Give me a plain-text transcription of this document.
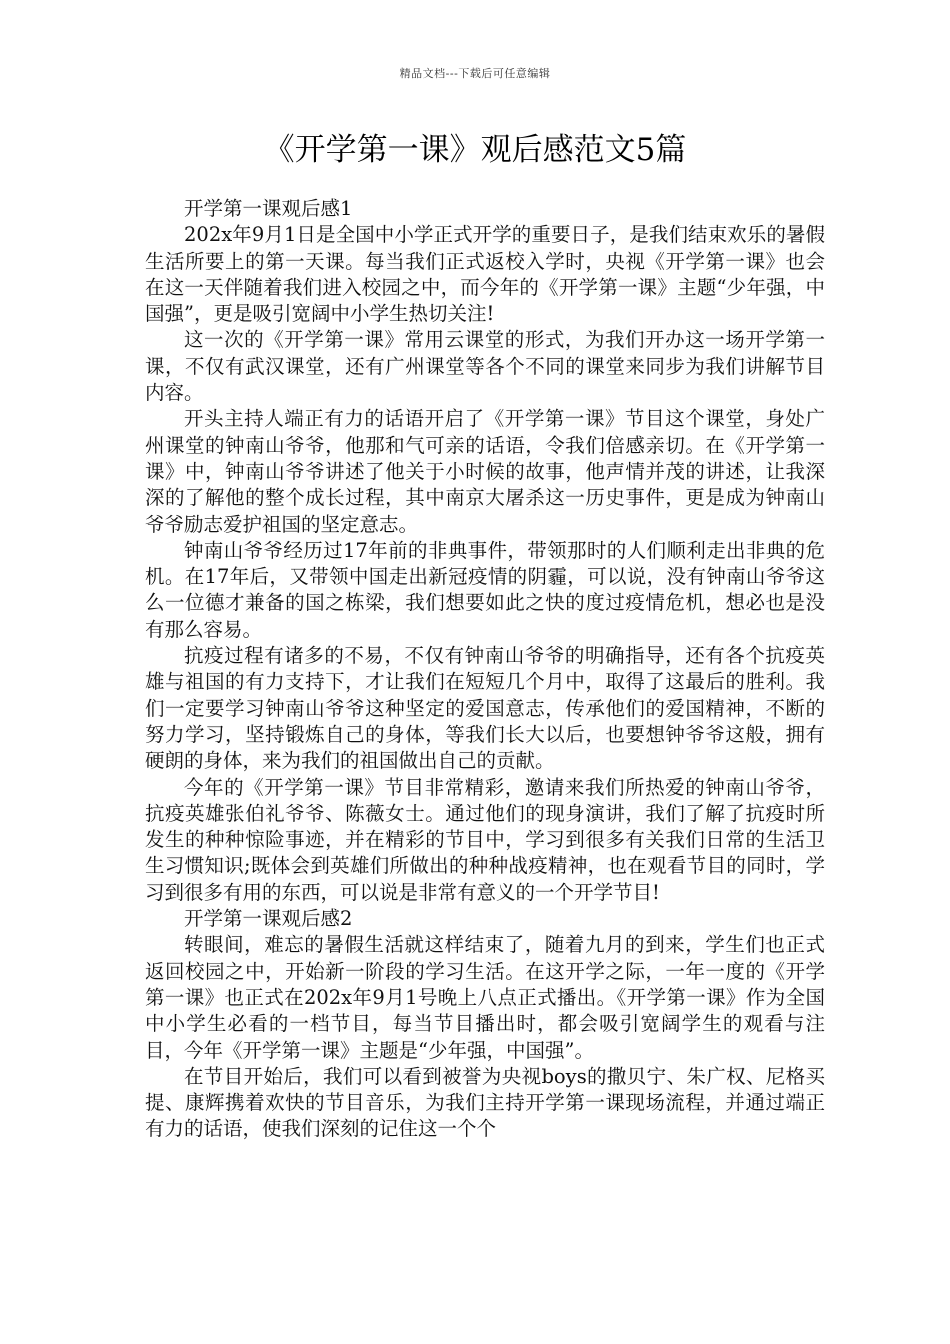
精品文档---下载后可任意编辑
《开学第一课》观后感范文5篇

开学第一课观后感1

202x年9月1日是全国中小学正式开学的重要日子，是我们结束欢乐的暑假生活所要上的第一天课。每当我们正式返校入学时，央视《开学第一课》也会在这一天伴随着我们进入校园之中，而今年的《开学第一课》主题“少年强，中国强”，更是吸引宽阔中小学生热切关注!

这一次的《开学第一课》常用云课堂的形式，为我们开办这一场开学第一课，不仅有武汉课堂，还有广州课堂等各个不同的课堂来同步为我们讲解节目内容。

开头主持人端正有力的话语开启了《开学第一课》节目这个课堂，身处广州课堂的钟南山爷爷，他那和气可亲的话语，令我们倍感亲切。在《开学第一课》中，钟南山爷爷讲述了他关于小时候的故事，他声情并茂的讲述，让我深深的了解他的整个成长过程，其中南京大屠杀这一历史事件，更是成为钟南山爷爷励志爱护祖国的坚定意志。

钟南山爷爷经历过17年前的非典事件，带领那时的人们顺利走出非典的危机。在17年后，又带领中国走出新冠疫情的阴霾，可以说，没有钟南山爷爷这么一位德才兼备的国之栋梁，我们想要如此之快的度过疫情危机，想必也是没有那么容易。

抗疫过程有诸多的不易，不仅有钟南山爷爷的明确指导，还有各个抗疫英雄与祖国的有力支持下，才让我们在短短几个月中，取得了这最后的胜利。我们一定要学习钟南山爷爷这种坚定的爱国意志，传承他们的爱国精神，不断的努力学习，坚持锻炼自己的身体，等我们长大以后，也要想钟爷爷这般，拥有硬朗的身体，来为我们的祖国做出自己的贡献。

今年的《开学第一课》节目非常精彩，邀请来我们所热爱的钟南山爷爷，抗疫英雄张伯礼爷爷、陈薇女士。通过他们的现身演讲，我们了解了抗疫时所发生的种种惊险事迹，并在精彩的节目中，学习到很多有关我们日常的生活卫生习惯知识;既体会到英雄们所做出的种种战疫精神，也在观看节目的同时，学习到很多有用的东西，可以说是非常有意义的一个开学节目!

开学第一课观后感2

转眼间，难忘的暑假生活就这样结束了，随着九月的到来，学生们也正式返回校园之中，开始新一阶段的学习生活。在这开学之际，一年一度的《开学第一课》也正式在202x年9月1号晚上八点正式播出。《开学第一课》作为全国中小学生必看的一档节目，每当节目播出时，都会吸引宽阔学生的观看与注目，今年《开学第一课》主题是“少年强，中国强”。

在节目开始后，我们可以看到被誉为央视boys的撒贝宁、朱广权、尼格买提、康辉携着欢快的节目音乐，为我们主持开学第一课现场流程，并通过端正有力的话语，使我们深刻的记住这一个个
